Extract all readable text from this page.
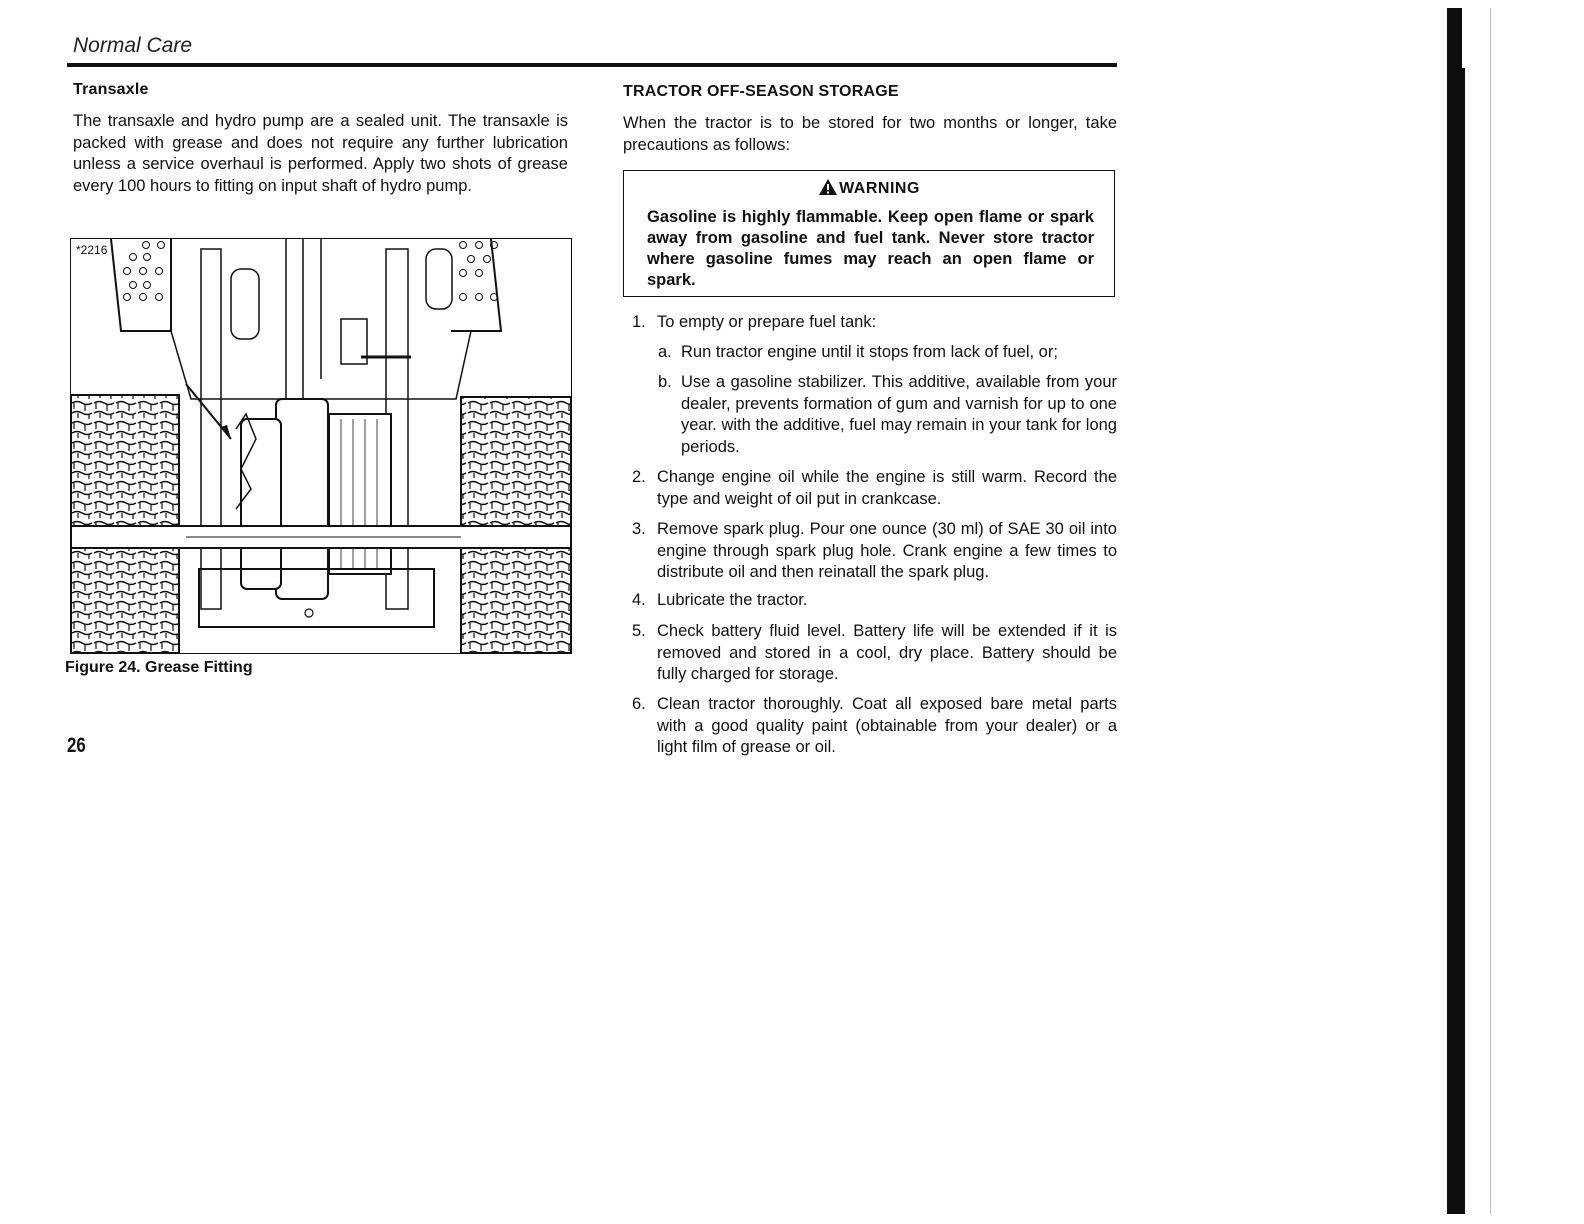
Normal Care
Transaxle
The transaxle and hydro pump are a sealed unit. The transaxle is packed with grease and does not require any further lubrication unless a service overhaul is performed. Apply two shots of grease every 100 hours to fitting on input shaft of hydro pump.
*2216
Figure 24. Grease Fitting
26
TRACTOR OFF-SEASON STORAGE
When the tractor is to be stored for two months or longer, take precautions as follows:
WARNING
Gasoline is highly flammable. Keep open flame or spark away from gasoline and fuel tank. Never store tractor where gasoline fumes may reach an open flame or spark.
1. To empty or prepare fuel tank:
a. Run tractor engine until it stops from lack of fuel, or;
b. Use a gasoline stabilizer. This additive, available from your dealer, prevents formation of gum and varnish for up to one year. with the additive, fuel may remain in your tank for long periods.
2. Change engine oil while the engine is still warm. Record the type and weight of oil put in crankcase.
3. Remove spark plug. Pour one ounce (30 ml) of SAE 30 oil into engine through spark plug hole. Crank engine a few times to distribute oil and then reinatall the spark plug.
4. Lubricate the tractor.
5. Check battery fluid level. Battery life will be extended if it is removed and stored in a cool, dry place. Battery should be fully charged for storage.
6. Clean tractor thoroughly. Coat all exposed bare metal parts with a good quality paint (obtainable from your dealer) or a light film of grease or oil.
